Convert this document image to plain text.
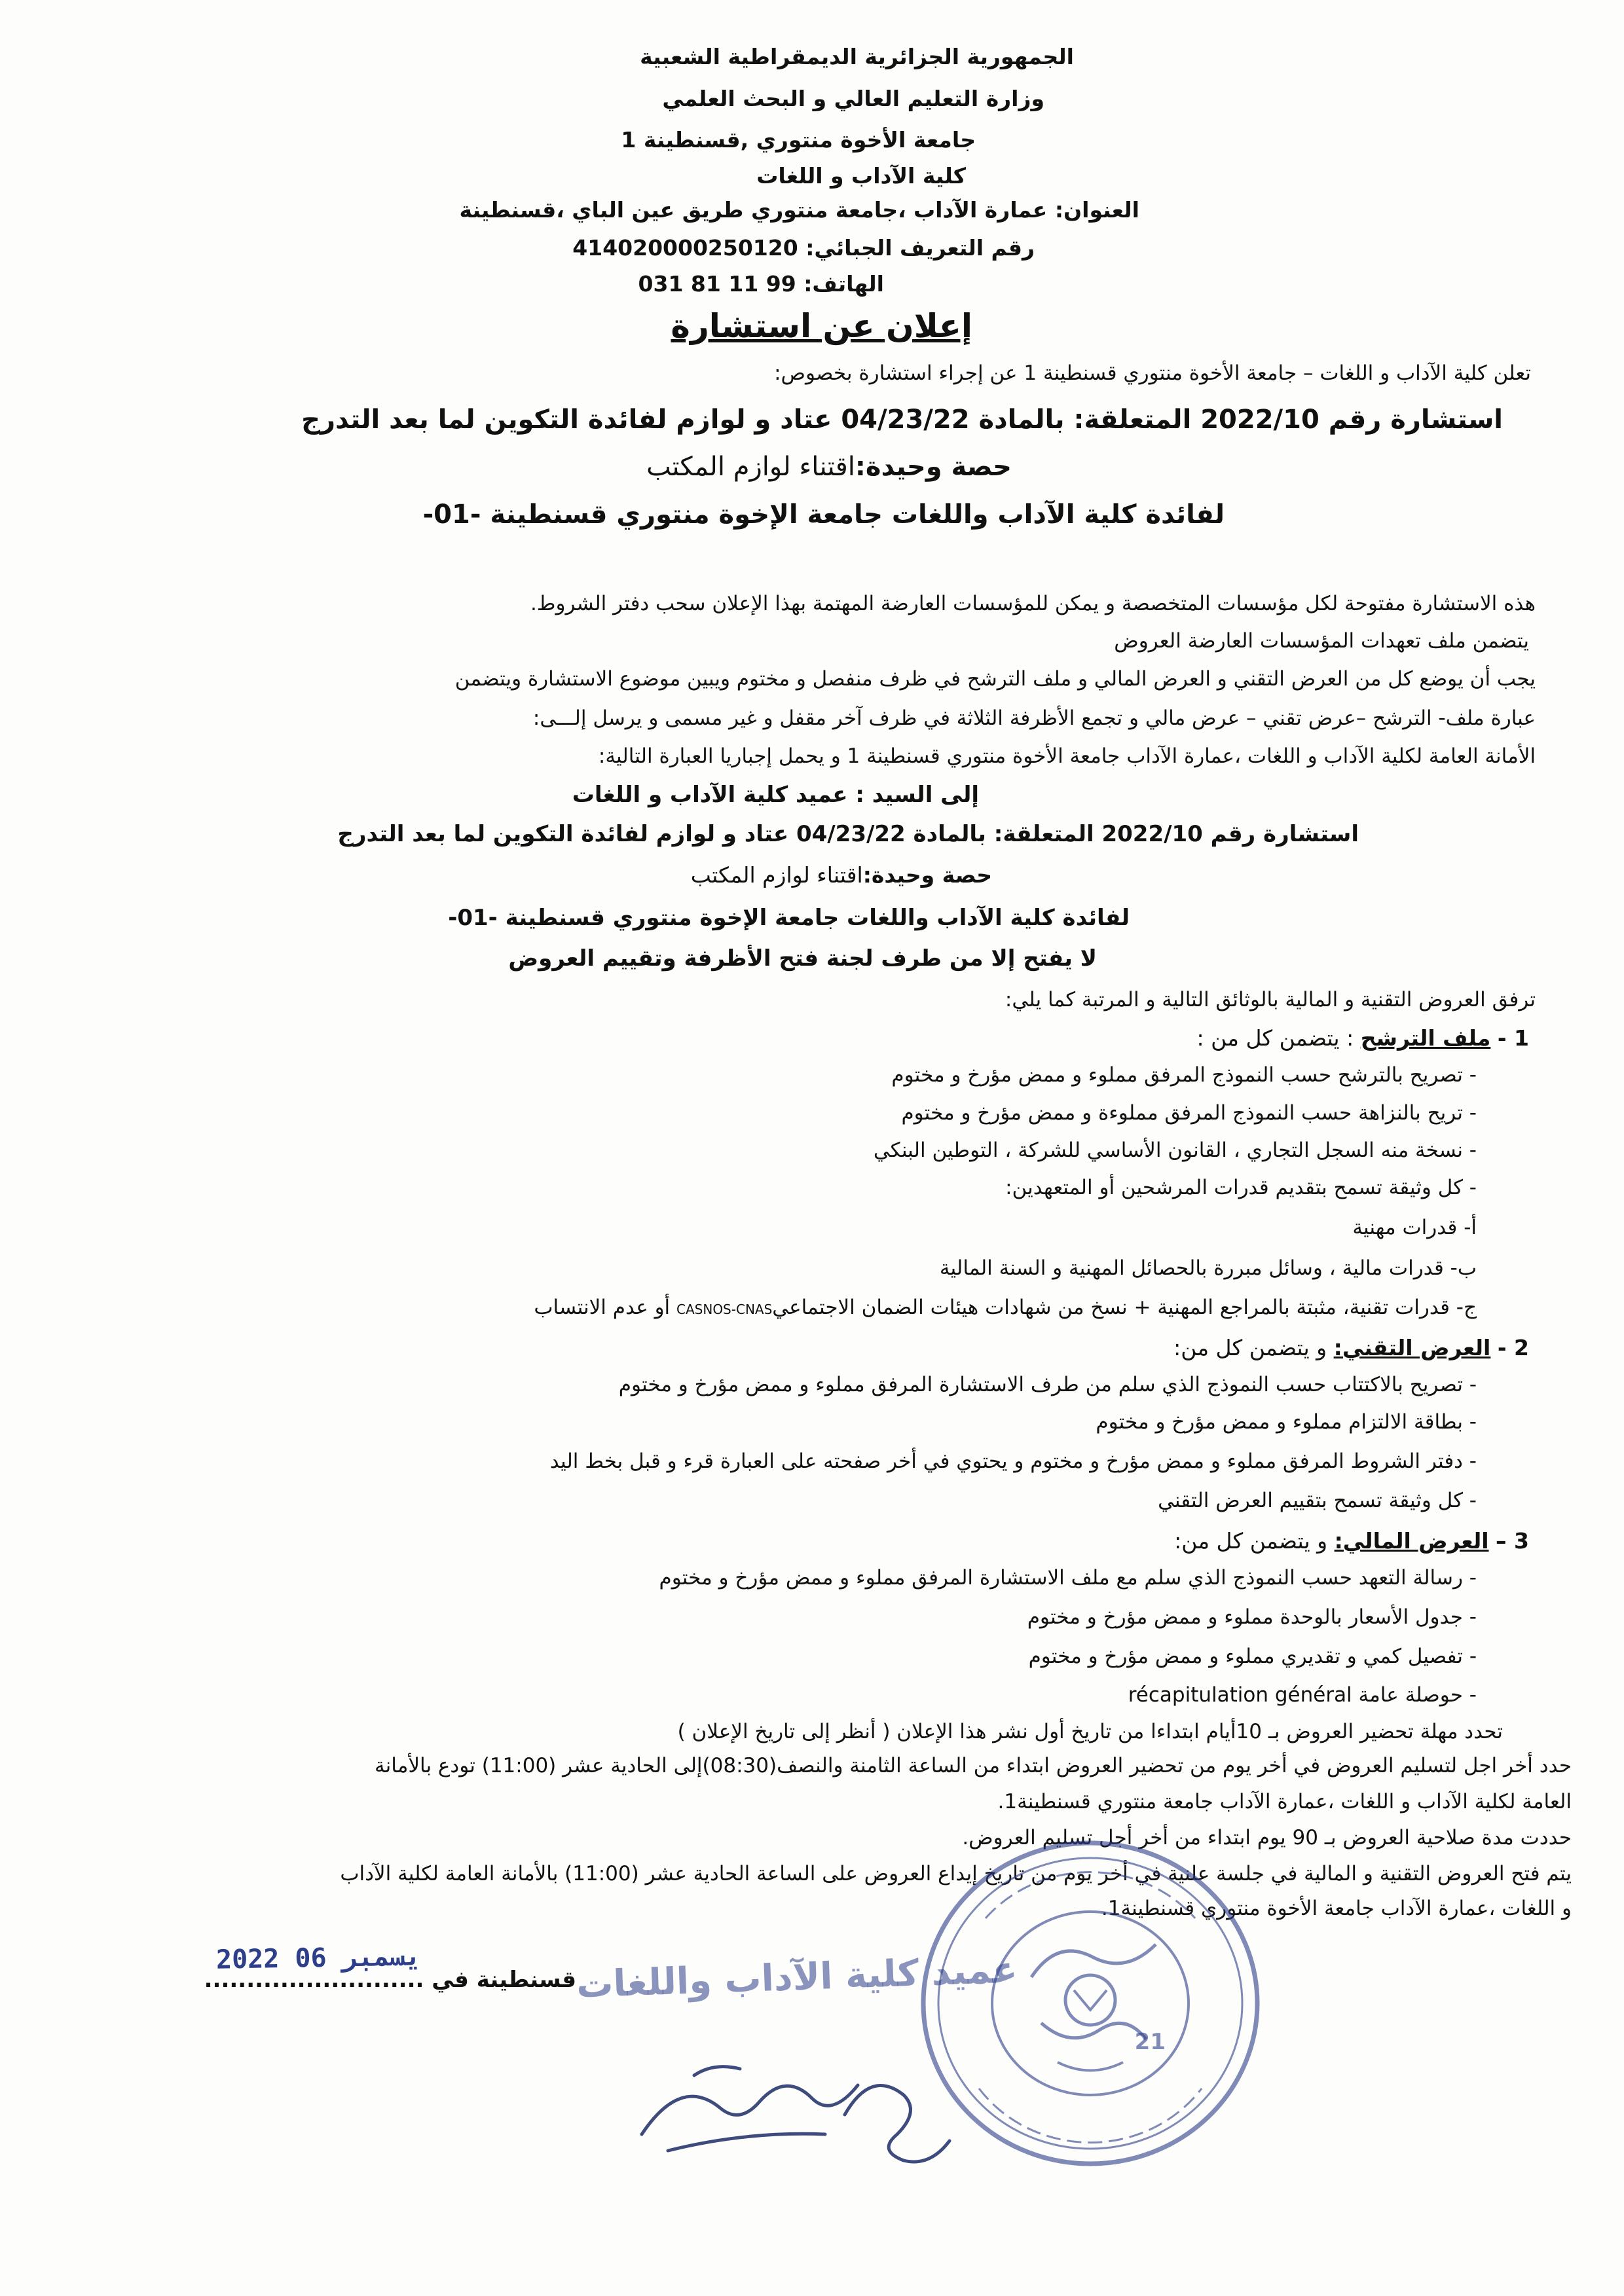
الجمهورية الجزائرية الديمقراطية الشعبية
وزارة التعليم العالي و البحث العلمي
جامعة الأخوة منتوري ,قسنطينة 1
كلية الآداب و اللغات
العنوان: عمارة الآداب ،جامعة منتوري طريق عين الباي ،قسنطينة
رقم التعريف الجبائي: 414020000250120
الهاتف: 99 11 81 031
إعلان عن استشارة
تعلن كلية الآداب و اللغات – جامعة الأخوة منتوري قسنطينة 1 عن إجراء استشارة بخصوص:
استشارة رقم 2022/10 المتعلقة: بالمادة 04/23/22 عتاد و لوازم لفائدة التكوين لما بعد التدرج
حصة وحيدة:اقتناء لوازم المكتب
لفائدة كلية الآداب واللغات جامعة الإخوة منتوري قسنطينة -01-
هذه الاستشارة مفتوحة لكل مؤسسات المتخصصة و يمكن للمؤسسات العارضة المهتمة بهذا الإعلان سحب دفتر الشروط.
يتضمن ملف تعهدات المؤسسات العارضة العروض
يجب أن يوضع كل من العرض التقني و العرض المالي و ملف الترشح في ظرف منفصل و مختوم ويبين موضوع الاستشارة ويتضمن
عبارة ملف- الترشح –عرض تقني – عرض مالي و تجمع الأظرفة الثلاثة في ظرف آخر مقفل و غير مسمى و يرسل إلـــى:
الأمانة العامة لكلية الآداب و اللغات ،عمارة الآداب جامعة الأخوة منتوري قسنطينة 1 و يحمل إجباريا العبارة التالية:
إلى السيد : عميد كلية الآداب و اللغات
استشارة رقم 2022/10 المتعلقة: بالمادة 04/23/22 عتاد و لوازم لفائدة التكوين لما بعد التدرج
حصة وحيدة:اقتناء لوازم المكتب
لفائدة كلية الآداب واللغات جامعة الإخوة منتوري قسنطينة -01-
لا يفتح إلا من طرف لجنة فتح الأظرفة وتقييم العروض
ترفق العروض التقنية و المالية بالوثائق التالية و المرتبة كما يلي:
1 - ملف الترشح : يتضمن كل من :
- تصريح بالترشح حسب النموذج المرفق مملوء و ممض مؤرخ و مختوم
- تريح بالنزاهة حسب النموذج المرفق مملوءة و ممض مؤرخ و مختوم
- نسخة منه السجل التجاري ، القانون الأساسي للشركة ، التوطين البنكي
- كل وثيقة تسمح بتقديم قدرات المرشحين أو المتعهدين:
أ- قدرات مهنية
ب- قدرات مالية ، وسائل مبررة بالحصائل المهنية و السنة المالية
ج- قدرات تقنية، مثبتة بالمراجع المهنية + نسخ من شهادات هيئات الضمان الاجتماعيCASNOS-CNAS أو عدم الانتساب
2 - العرض التقني: و يتضمن كل من:
- تصريح بالاكتتاب حسب النموذج الذي سلم من طرف الاستشارة المرفق مملوء و ممض مؤرخ و مختوم
- بطاقة الالتزام مملوء و ممض مؤرخ و مختوم
- دفتر الشروط المرفق مملوء و ممض مؤرخ و مختوم و يحتوي في أخر صفحته على العبارة قرء و قبل بخط اليد
- كل وثيقة تسمح بتقييم العرض التقني
3 – العرض المالي: و يتضمن كل من:
- رسالة التعهد حسب النموذج الذي سلم مع ملف الاستشارة المرفق مملوء و ممض مؤرخ و مختوم
- جدول الأسعار بالوحدة مملوء و ممض مؤرخ و مختوم
- تفصيل كمي و تقديري مملوء و ممض مؤرخ و مختوم
- حوصلة عامة récapitulation général
تحدد مهلة تحضير العروض بـ 10أيام ابتداءا من تاريخ أول نشر هذا الإعلان ( أنظر إلى تاريخ الإعلان )
حدد أخر اجل لتسليم العروض في أخر يوم من تحضير العروض ابتداء من الساعة الثامنة والنصف(08:30)إلى الحادية عشر (11:00) تودع بالأمانة
العامة لكلية الآداب و اللغات ،عمارة الآداب جامعة منتوري قسنطينة1.
حددت مدة صلاحية العروض بـ 90 يوم ابتداء من أخر أجل تسليم العروض.
يتم فتح العروض التقنية و المالية في جلسة علنية في أخر يوم من تاريخ إيداع العروض على الساعة الحادية عشر (11:00) بالأمانة العامة لكلية الآداب
و اللغات ،عمارة الآداب جامعة الأخوة منتوري قسنطينة1.
قسنطينة في ..........................
2022 يسمبر 06	عميد كلية الآداب واللغات
21
